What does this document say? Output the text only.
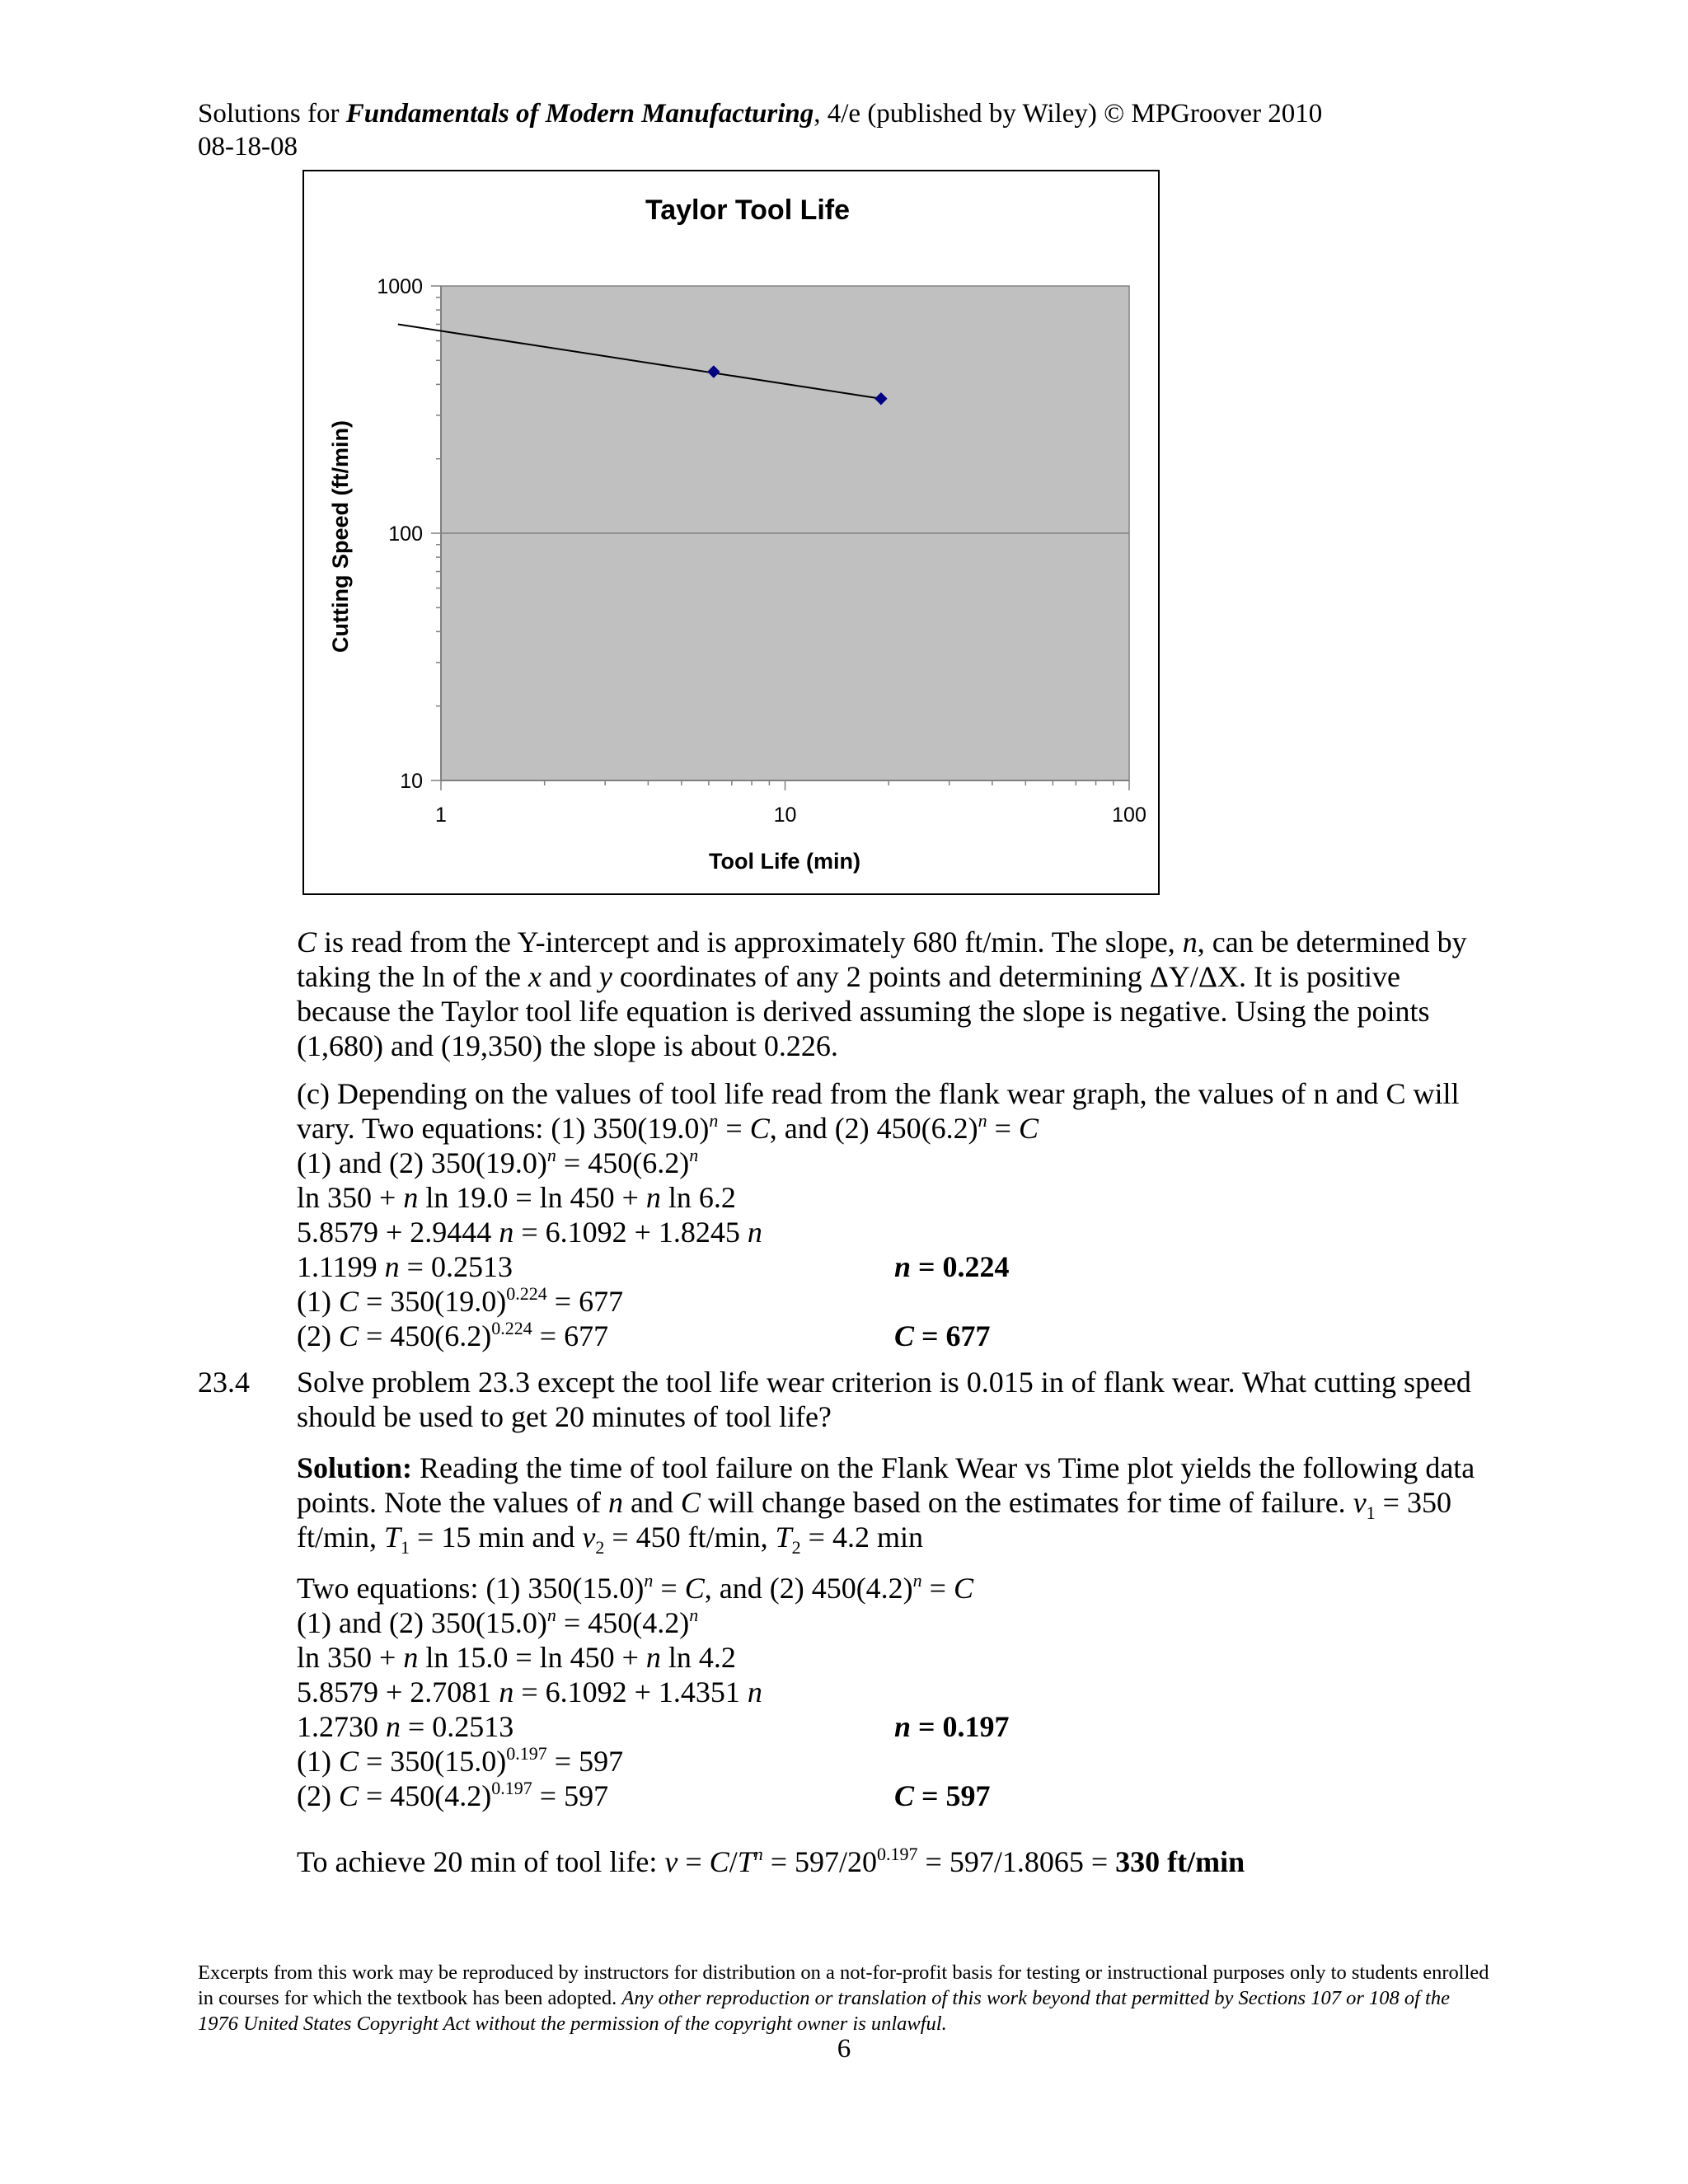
Solutions for Fundamentals of Modern Manufacturing, 4/e (published by Wiley) © MPGroover 2010
08-18-08
10
100
1000
1	10	100
Taylor Tool Life
Tool Life (min)
Cutting Speed (ft/min)
C is read from the Y-intercept and is approximately 680 ft/min. The slope, n, can be determined by taking the ln of the x and y coordinates of any 2 points and determining ΔY/ΔX. It is positive because the Taylor tool life equation is derived assuming the slope is negative. Using the points (1,680) and (19,350) the slope is about 0.226.
(c) Depending on the values of tool life read from the flank wear graph, the values of n and C will vary. Two equations: (1) $350(19.0)^n = C$, and (2) $450(6.2)^n = C$
(1) and (2) $350(19.0)^n = 450(6.2)^n$
ln 350 + n ln 19.0 = ln 450 + n ln 6.2
5.8579 + 2.9444 n = 6.1092 + 1.8245 n
1.1199 n = 0.2513
(1) $C = 350(19.0)^{0.224} = 677$
(2) $C = 450(6.2)^{0.224} = 677$
n = 0.224
C = 677
23.4 Solve problem 23.3 except the tool life wear criterion is 0.015 in of flank wear. What cutting speed should be used to get 20 minutes of tool life?
Solution: Reading the time of tool failure on the Flank Wear vs Time plot yields the following data points. Note the values of n and C will change based on the estimates for time of failure. $v_1 = 350$ ft/min, $T_1 = 15$ min and $v_2 = 450$ ft/min, $T_2 = 4.2$ min
Two equations: (1) $350(15.0)^n = C$, and (2) $450(4.2)^n = C$
(1) and (2) $350(15.0)^n = 450(4.2)^n$
ln 350 + n ln 15.0 = ln 450 + n ln 4.2
5.8579 + 2.7081 n = 6.1092 + 1.4351 n
1.2730 n = 0.2513
(1) $C = 350(15.0)^{0.197} = 597$
(2) $C = 450(4.2)^{0.197} = 597$
n = 0.197
C = 597
To achieve 20 min of tool life: $v = C/T^n = 597/20^{0.197} = 597/1.8065 = 330$ ft/min
Excerpts from this work may be reproduced by instructors for distribution on a not-for-profit basis for testing or instructional purposes only to students enrolled in courses for which the textbook has been adopted. Any other reproduction or translation of this work beyond that permitted by Sections 107 or 108 of the 1976 United States Copyright Act without the permission of the copyright owner is unlawful.
6
